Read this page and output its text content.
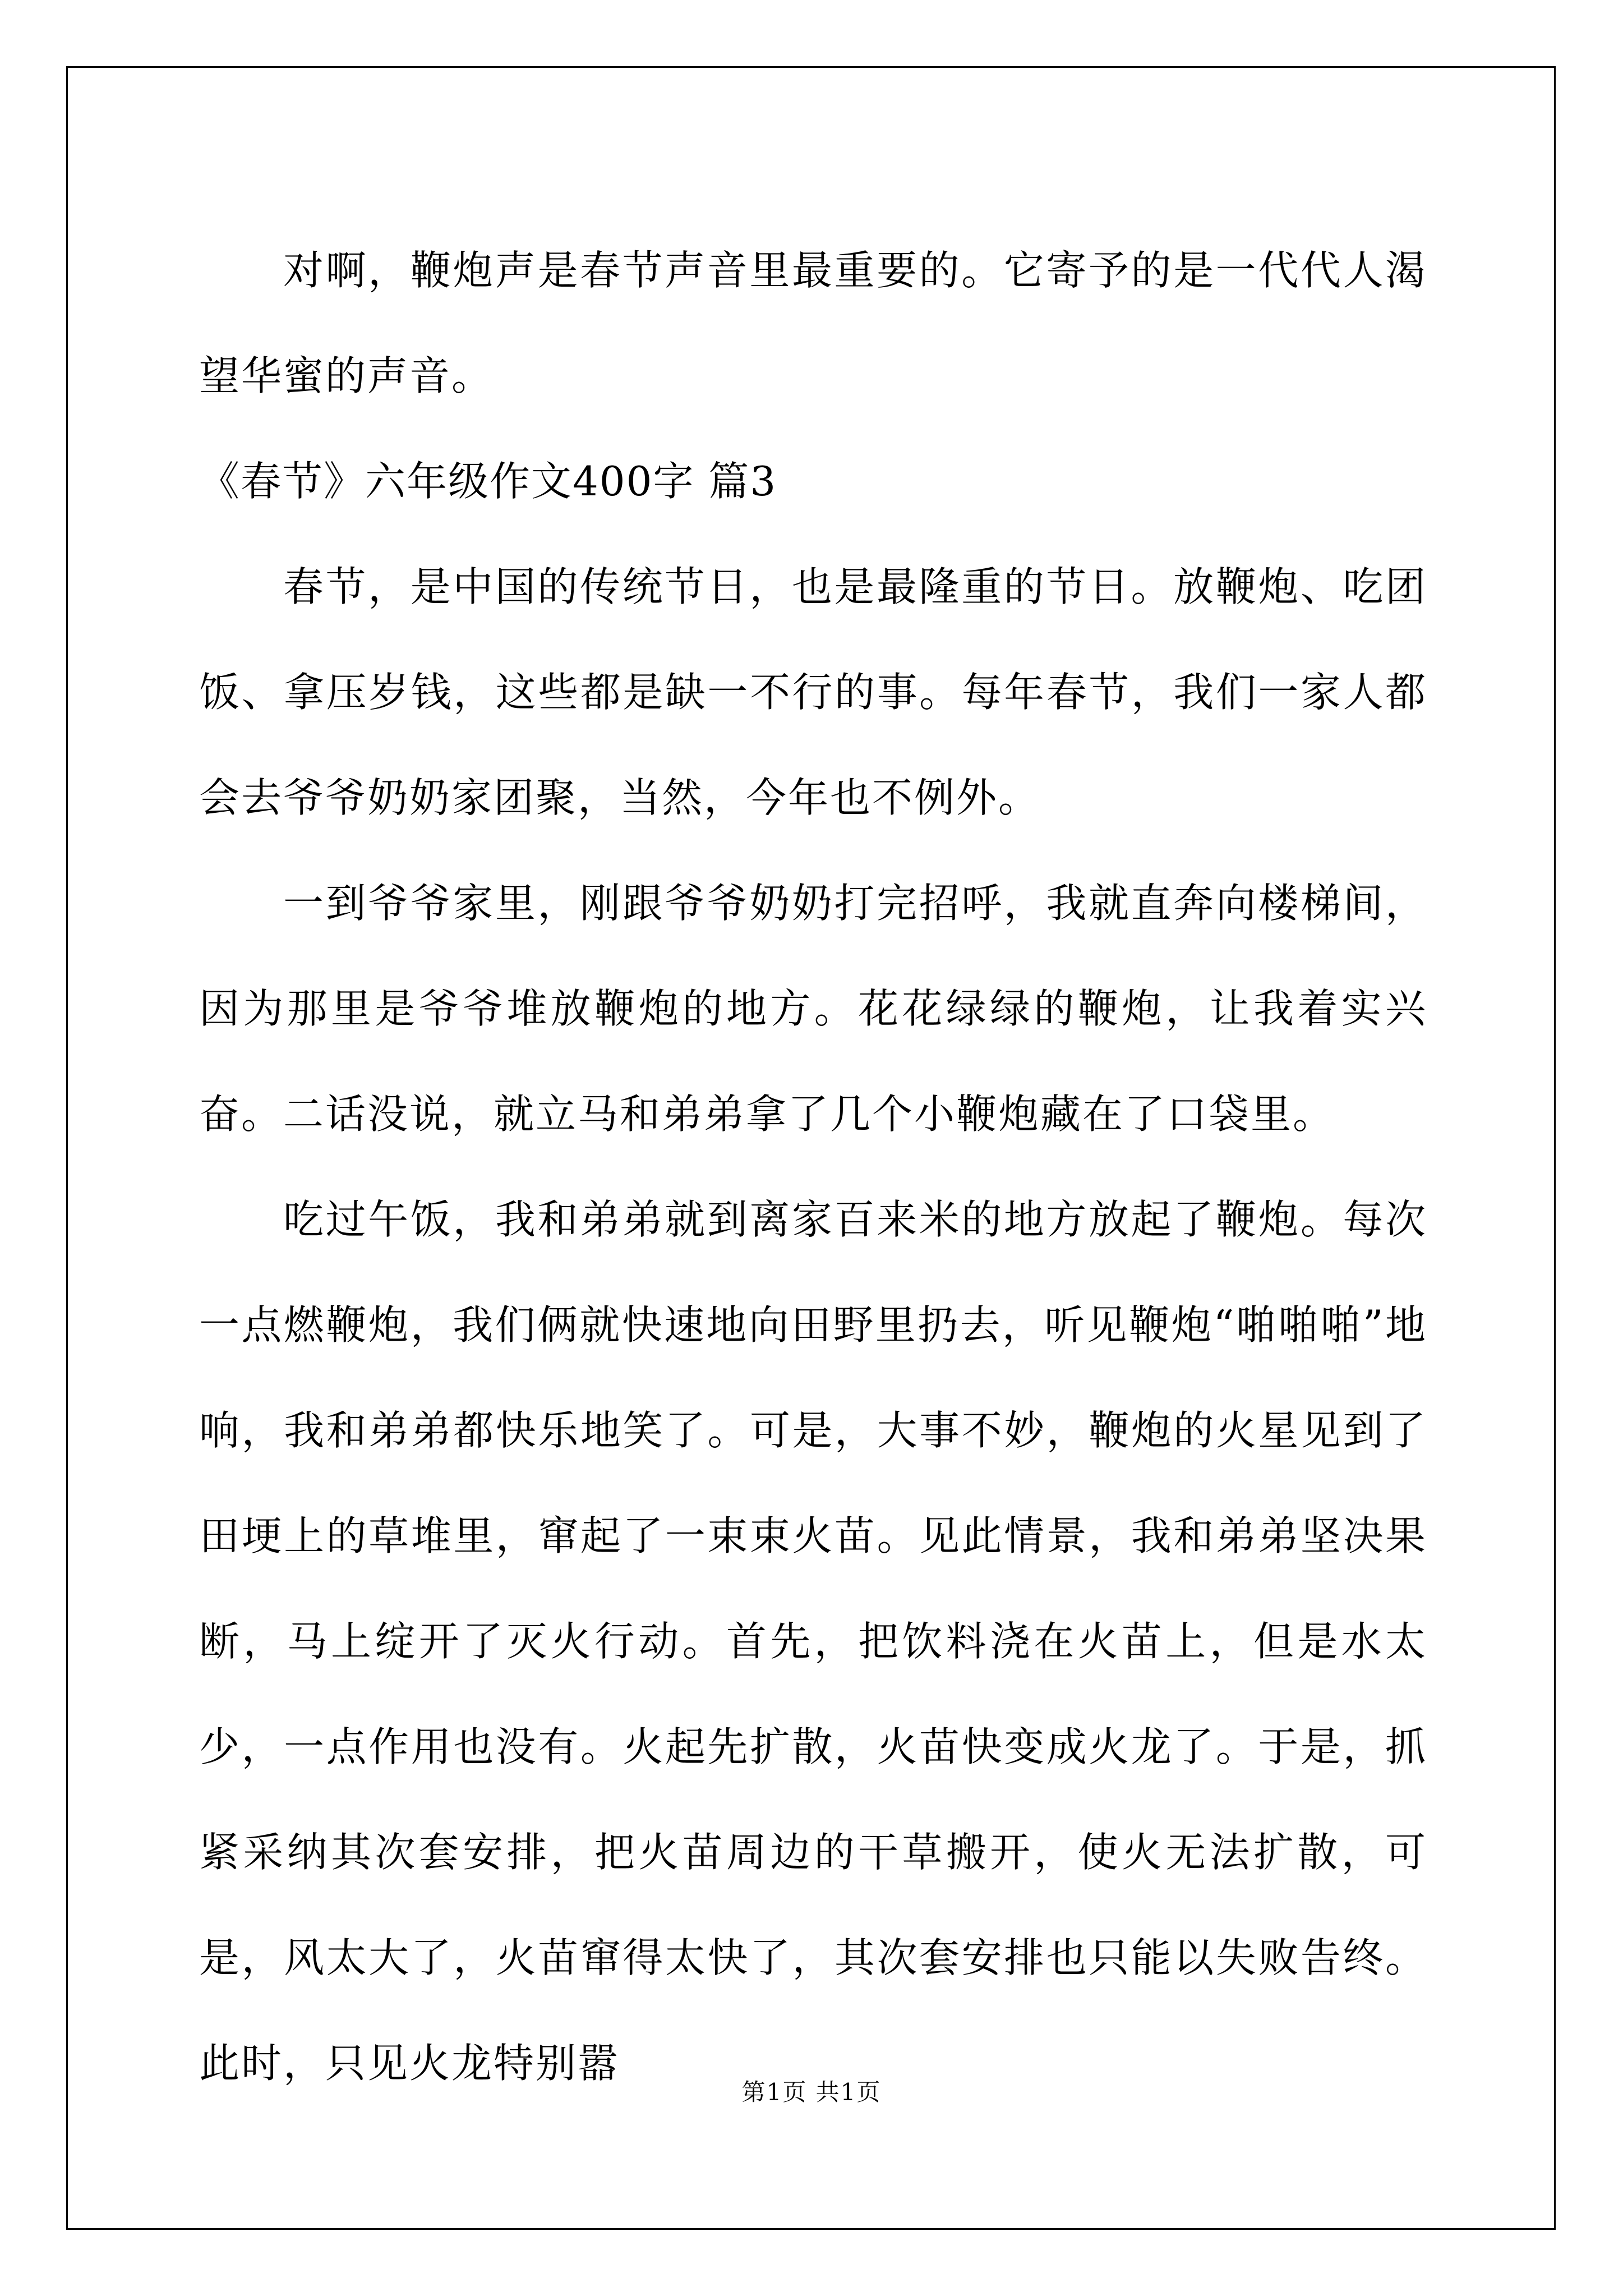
对啊，鞭炮声是春节声音里最重要的。它寄予的是一代代人渴望华蜜的声音。

《春节》六年级作文400字 篇3

春节，是中国的传统节日，也是最隆重的节日。放鞭炮、吃团饭、拿压岁钱，这些都是缺一不行的事。每年春节，我们一家人都会去爷爷奶奶家团聚，当然，今年也不例外。

一到爷爷家里，刚跟爷爷奶奶打完招呼，我就直奔向楼梯间，因为那里是爷爷堆放鞭炮的地方。花花绿绿的鞭炮，让我着实兴奋。二话没说，就立马和弟弟拿了几个小鞭炮藏在了口袋里。

吃过午饭，我和弟弟就到离家百来米的地方放起了鞭炮。每次一点燃鞭炮，我们俩就快速地向田野里扔去，听见鞭炮“啪啪啪”地响，我和弟弟都快乐地笑了。可是，大事不妙，鞭炮的火星见到了田埂上的草堆里，窜起了一束束火苗。见此情景，我和弟弟坚决果断，马上绽开了灭火行动。首先，把饮料浇在火苗上，但是水太少，一点作用也没有。火起先扩散，火苗快变成火龙了。于是，抓紧采纳其次套安排，把火苗周边的干草搬开，使火无法扩散，可是，风太大了，火苗窜得太快了，其次套安排也只能以失败告终。此时，只见火龙特别嚣

第1页 共1页
